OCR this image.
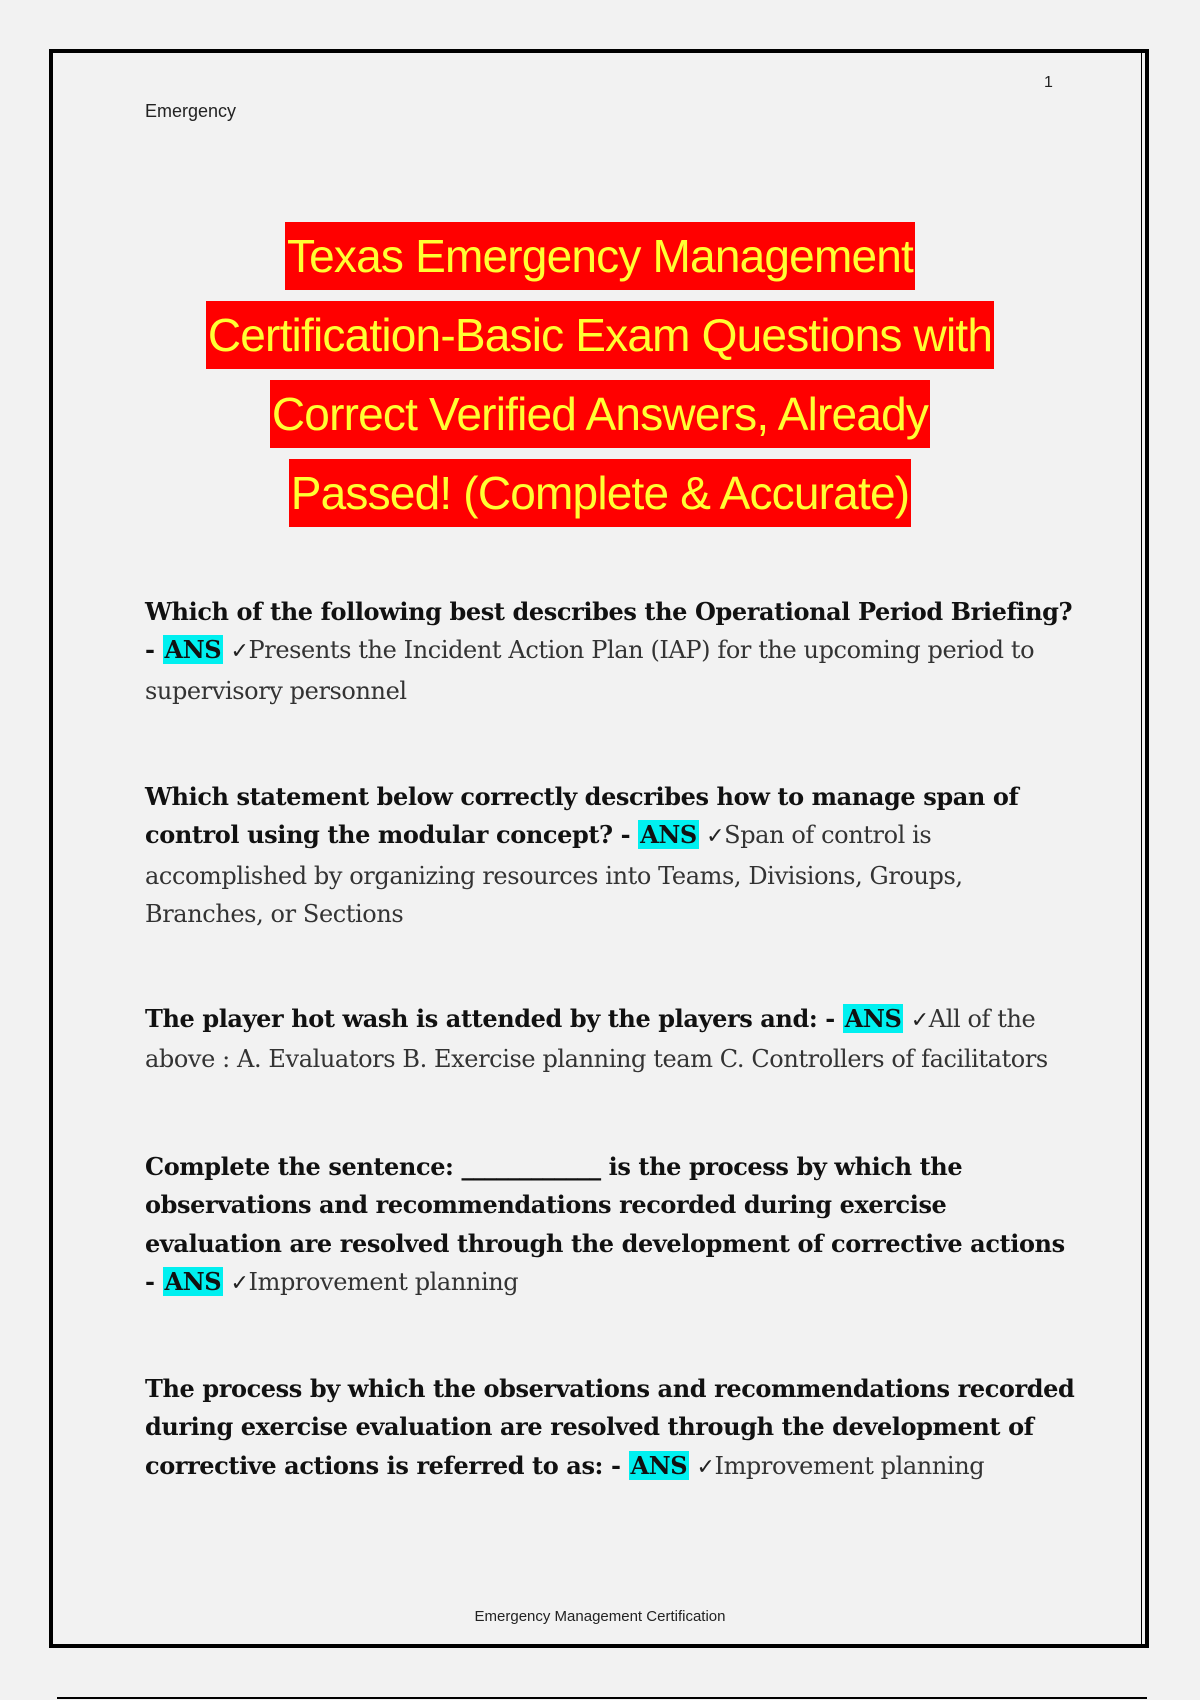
1
Emergency
Texas Emergency Management
Certification-Basic Exam Questions with
Correct Verified Answers, Already
Passed! (Complete & Accurate)
Which of the following best describes the Operational Period Briefing? - ANS ✓Presents the Incident Action Plan (IAP) for the upcoming period to supervisory personnel
Which statement below correctly describes how to manage span of control using the modular concept? - ANS ✓Span of control is accomplished by organizing resources into Teams, Divisions, Groups, Branches, or Sections
The player hot wash is attended by the players and: - ANS ✓All of the above : A. Evaluators B. Exercise planning team C. Controllers of facilitators
Complete the sentence: ____________ is the process by which the observations and recommendations recorded during exercise evaluation are resolved through the development of corrective actions - ANS ✓Improvement planning
The process by which the observations and recommendations recorded during exercise evaluation are resolved through the development of corrective actions is referred to as: - ANS ✓Improvement planning
Emergency Management Certification
